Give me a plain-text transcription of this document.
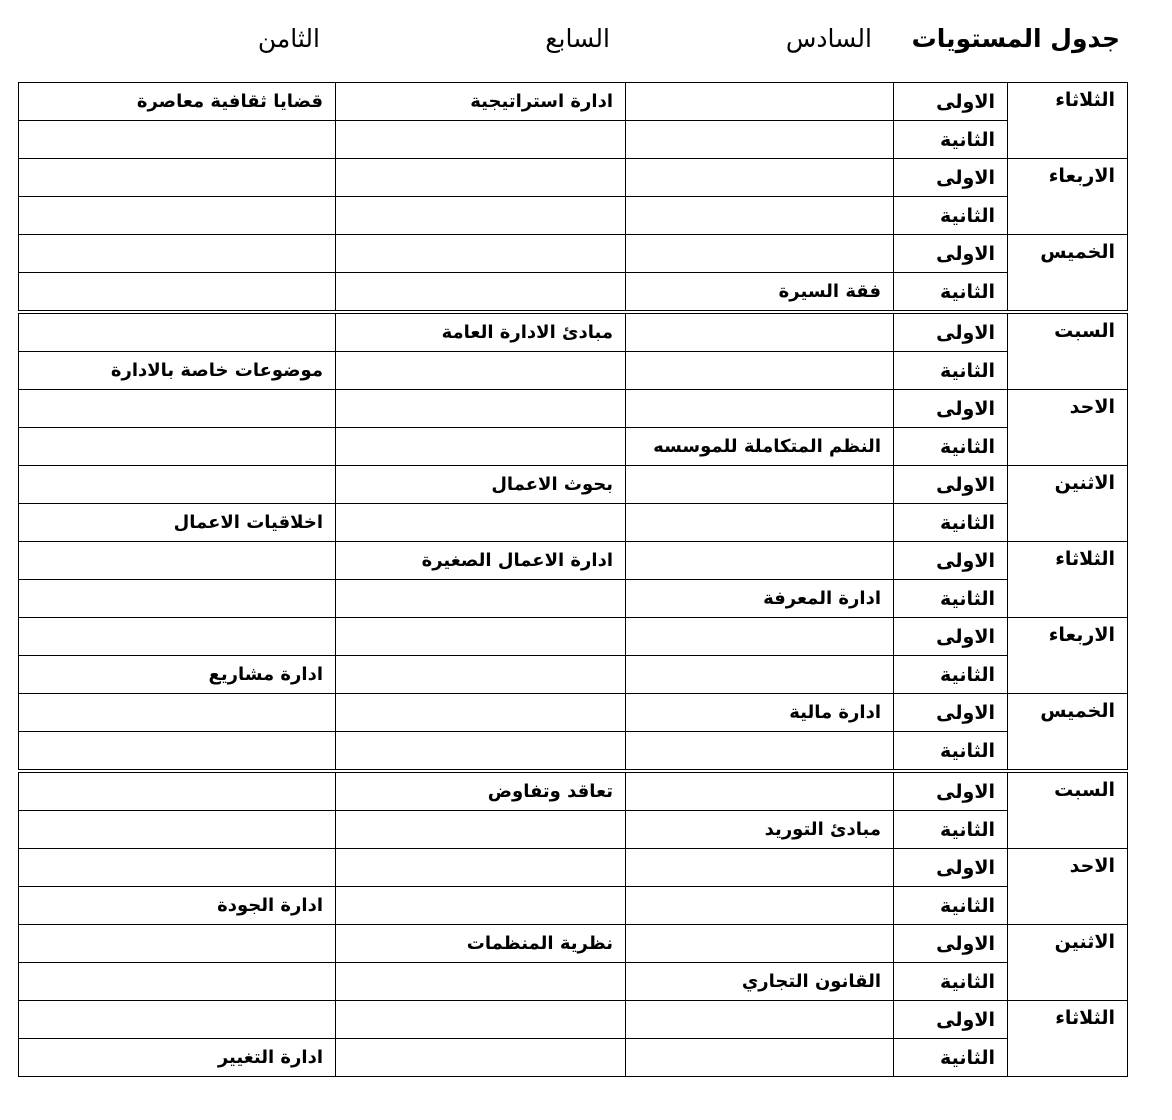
جدول المستويات
السادس
السابع
الثامن
الثلاثاء	الاولى		ادارة استراتيجية	قضايا ثقافية معاصرة
	الثانية			
الاربعاء	الاولى			
	الثانية			
الخميس	الاولى			
	الثانية	فقة السيرة		
السبت	الاولى		مبادئ الادارة العامة	
	الثانية			موضوعات خاصة بالادارة
الاحد	الاولى			
	الثانية	النظم المتكاملة للموسسه		
الاثنين	الاولى		بحوث الاعمال	
	الثانية			اخلاقيات الاعمال
الثلاثاء	الاولى		ادارة الاعمال الصغيرة	
	الثانية	ادارة المعرفة		
الاربعاء	الاولى			
	الثانية			ادارة مشاريع
الخميس	الاولى	ادارة مالية		
	الثانية			
السبت	الاولى		تعاقد وتفاوض	
	الثانية	مبادئ التوريد		
الاحد	الاولى			
	الثانية			ادارة الجودة
الاثنين	الاولى		نظرية المنظمات	
	الثانية	القانون التجاري		
الثلاثاء	الاولى			
	الثانية			ادارة التغيير
